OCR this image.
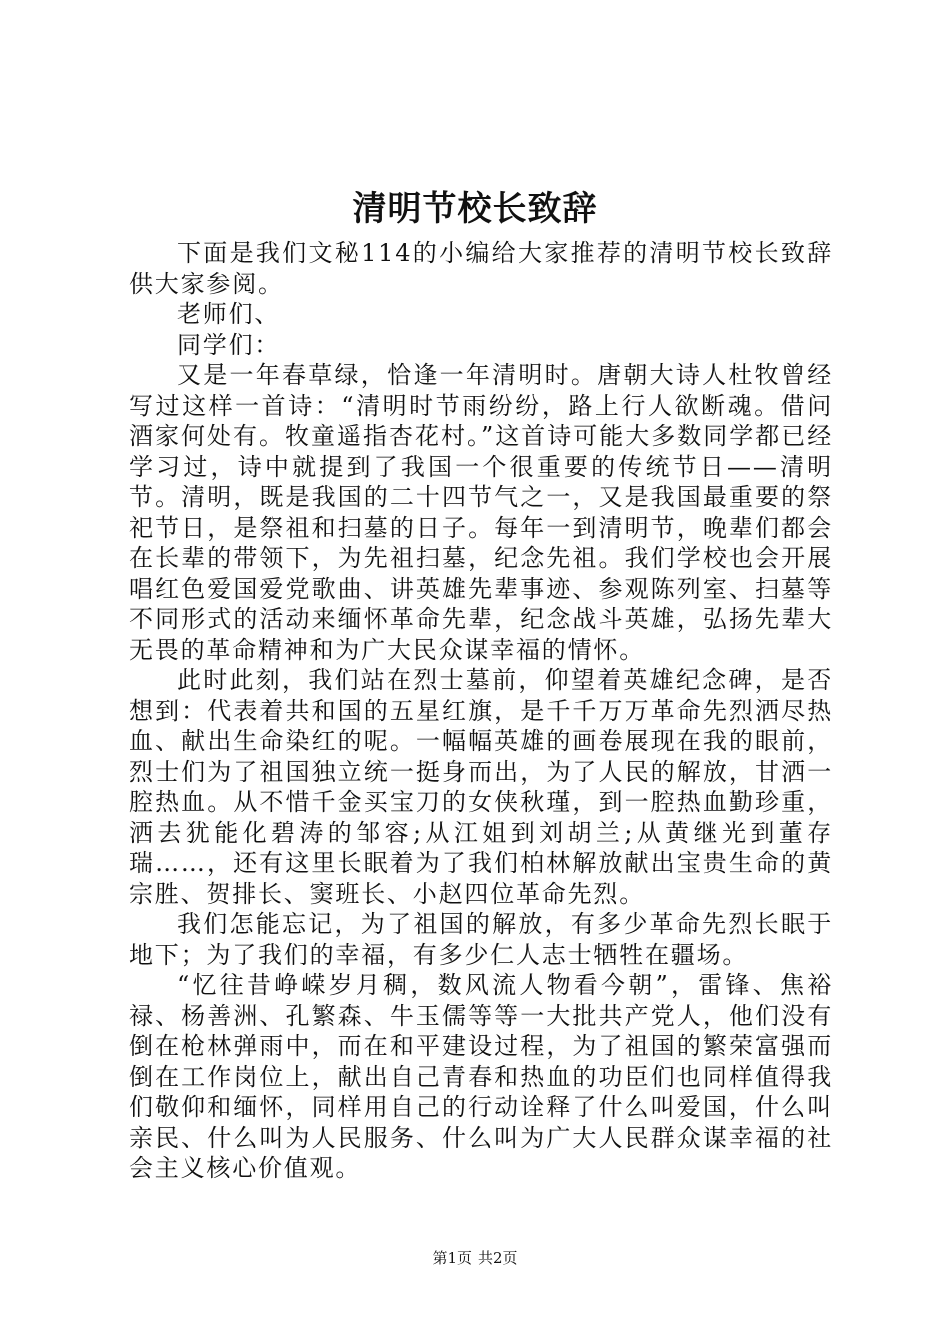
清明节校长致辞

下面是我们文秘114的小编给大家推荐的清明节校长致辞供大家参阅。

老师们、

同学们：

又是一年春草绿，恰逢一年清明时。唐朝大诗人杜牧曾经写过这样一首诗：“清明时节雨纷纷，路上行人欲断魂。借问酒家何处有。牧童遥指杏花村。”这首诗可能大多数同学都已经学习过，诗中就提到了我国一个很重要的传统节日——清明节。清明，既是我国的二十四节气之一，又是我国最重要的祭祀节日，是祭祖和扫墓的日子。每年一到清明节，晚辈们都会在长辈的带领下，为先祖扫墓，纪念先祖。我们学校也会开展唱红色爱国爱党歌曲、讲英雄先辈事迹、参观陈列室、扫墓等不同形式的活动来缅怀革命先辈，纪念战斗英雄，弘扬先辈大无畏的革命精神和为广大民众谋幸福的情怀。

此时此刻，我们站在烈士墓前，仰望着英雄纪念碑，是否想到：代表着共和国的五星红旗，是千千万万革命先烈洒尽热血、献出生命染红的呢。一幅幅英雄的画卷展现在我的眼前，烈士们为了祖国独立统一挺身而出，为了人民的解放，甘洒一腔热血。从不惜千金买宝刀的女侠秋瑾，到一腔热血勤珍重，洒去犹能化碧涛的邹容;从江姐到刘胡兰;从黄继光到董存瑞……，还有这里长眠着为了我们柏林解放献出宝贵生命的黄宗胜、贺排长、窦班长、小赵四位革命先烈。

我们怎能忘记，为了祖国的解放，有多少革命先烈长眠于地下；为了我们的幸福，有多少仁人志士牺牲在疆场。

“忆往昔峥嵘岁月稠，数风流人物看今朝”，雷锋、焦裕禄、杨善洲、孔繁森、牛玉儒等等一大批共产党人，他们没有倒在枪林弹雨中，而在和平建设过程，为了祖国的繁荣富强而倒在工作岗位上，献出自己青春和热血的功臣们也同样值得我们敬仰和缅怀，同样用自己的行动诠释了什么叫爱国，什么叫亲民、什么叫为人民服务、什么叫为广大人民群众谋幸福的社会主义核心价值观。

第1页 共2页
